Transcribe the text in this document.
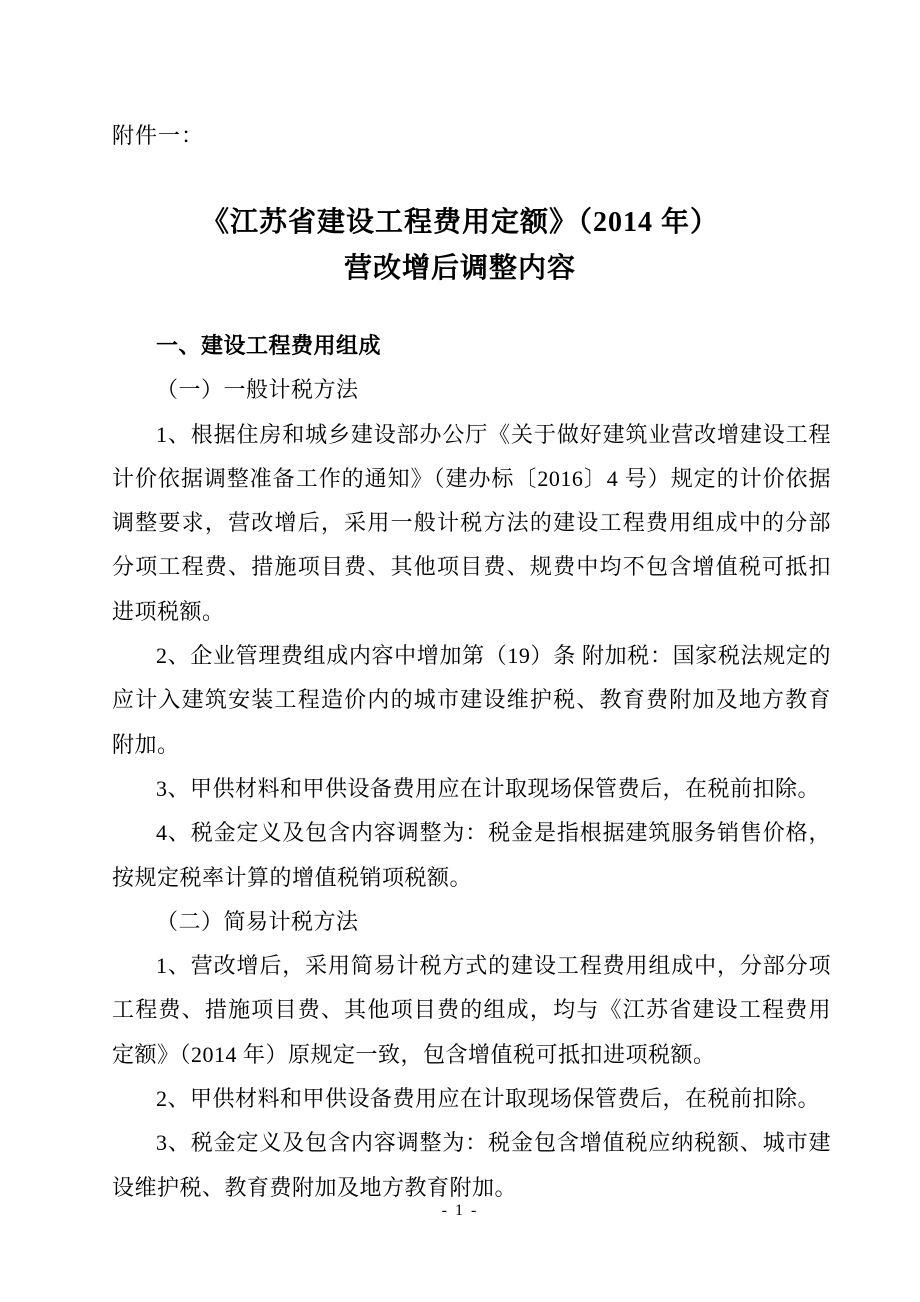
附件一：

《江苏省建设工程费用定额》（2014 年）
营改增后调整内容

一、建设工程费用组成

（一）一般计税方法

1、根据住房和城乡建设部办公厅《关于做好建筑业营改增建设工程计价依据调整准备工作的通知》（建办标〔2016〕4 号）规定的计价依据调整要求，营改增后，采用一般计税方法的建设工程费用组成中的分部分项工程费、措施项目费、其他项目费、规费中均不包含增值税可抵扣进项税额。

2、企业管理费组成内容中增加第（19）条 附加税：国家税法规定的应计入建筑安装工程造价内的城市建设维护税、教育费附加及地方教育附加。

3、甲供材料和甲供设备费用应在计取现场保管费后，在税前扣除。

4、税金定义及包含内容调整为：税金是指根据建筑服务销售价格，按规定税率计算的增值税销项税额。

（二）简易计税方法

1、营改增后，采用简易计税方式的建设工程费用组成中，分部分项工程费、措施项目费、其他项目费的组成，均与《江苏省建设工程费用定额》（2014 年）原规定一致，包含增值税可抵扣进项税额。

2、甲供材料和甲供设备费用应在计取现场保管费后，在税前扣除。

3、税金定义及包含内容调整为：税金包含增值税应纳税额、城市建设维护税、教育费附加及地方教育附加。

- 1 -
